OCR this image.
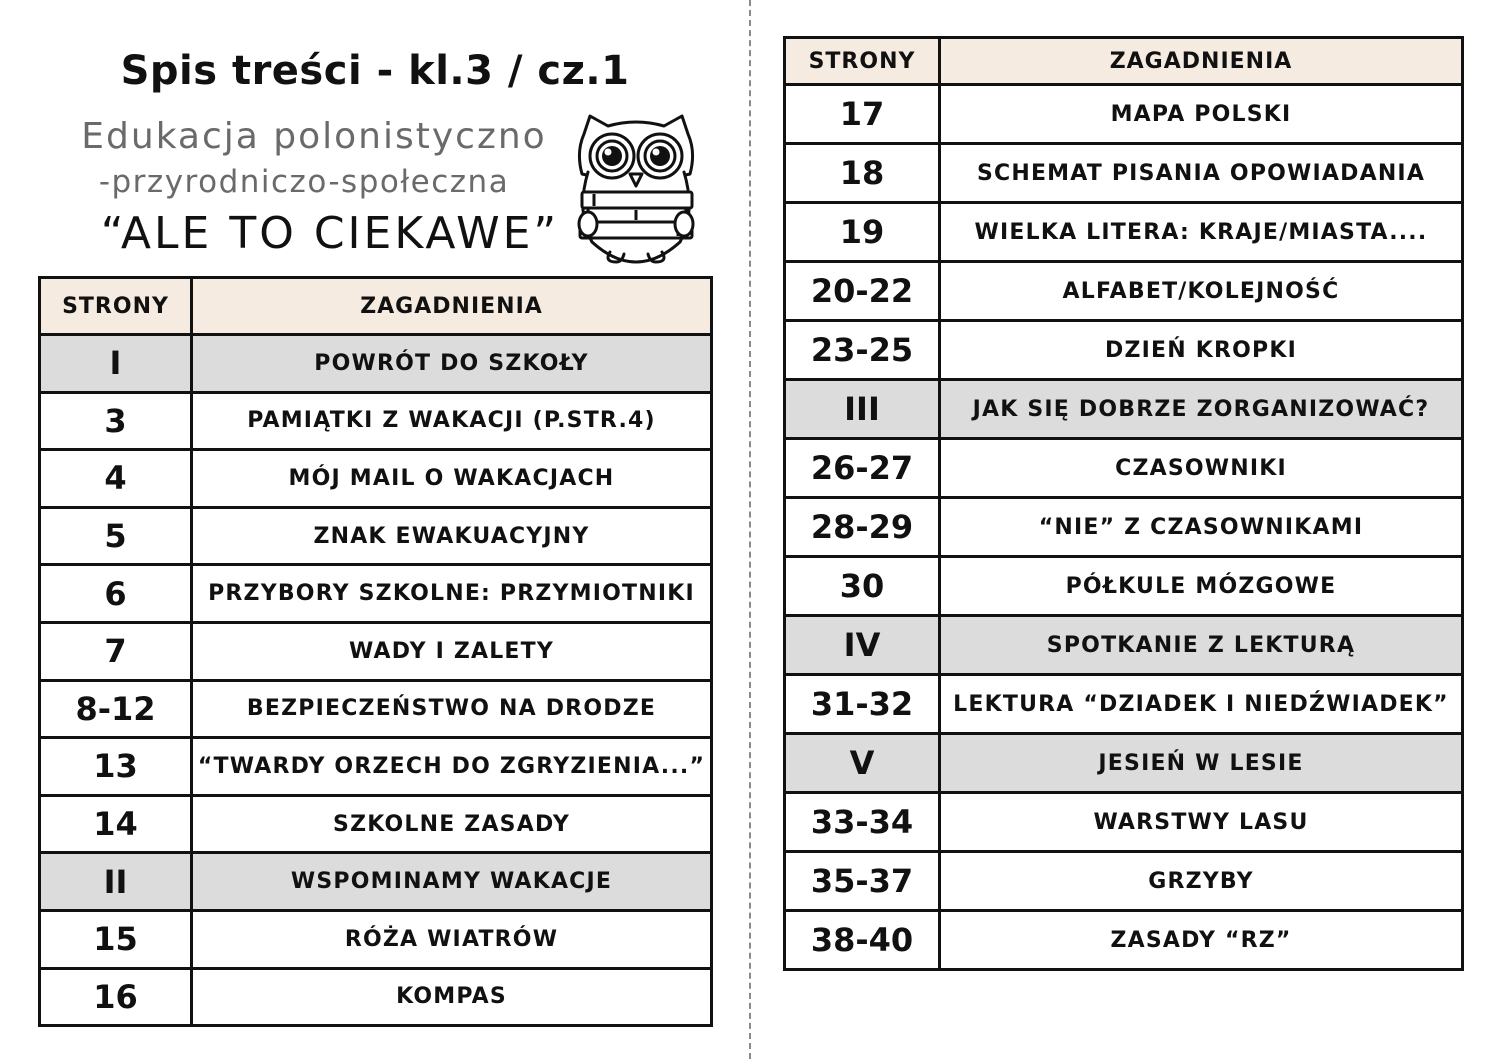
Spis treści - kl.3 / cz.1
Edukacja polonistyczno
-przyrodniczo-społeczna
“ALE TO CIEKAWE”
STRONY	ZAGADNIENIA
I	POWRÓT DO SZKOŁY
3	PAMIĄTKI Z WAKACJI (P.STR.4)
4	MÓJ MAIL O WAKACJACH
5	ZNAK EWAKUACYJNY
6	PRZYBORY SZKOLNE: PRZYMIOTNIKI
7	WADY I ZALETY
8-12	BEZPIECZEŃSTWO NA DRODZE
13	“TWARDY ORZECH DO ZGRYZIENIA...”
14	SZKOLNE ZASADY
II	WSPOMINAMY WAKACJE
15	RÓŻA WIATRÓW
16	KOMPAS
STRONY	ZAGADNIENIA
17	MAPA POLSKI
18	SCHEMAT PISANIA OPOWIADANIA
19	WIELKA LITERA: KRAJE/MIASTA....
20-22	ALFABET/KOLEJNOŚĆ
23-25	DZIEŃ KROPKI
III	JAK SIĘ DOBRZE ZORGANIZOWAĆ?
26-27	CZASOWNIKI
28-29	“NIE” Z CZASOWNIKAMI
30	PÓŁKULE MÓZGOWE
IV	SPOTKANIE Z LEKTURĄ
31-32	LEKTURA “DZIADEK I NIEDŹWIADEK”
V	JESIEŃ W LESIE
33-34	WARSTWY LASU
35-37	GRZYBY
38-40	ZASADY “RZ”
